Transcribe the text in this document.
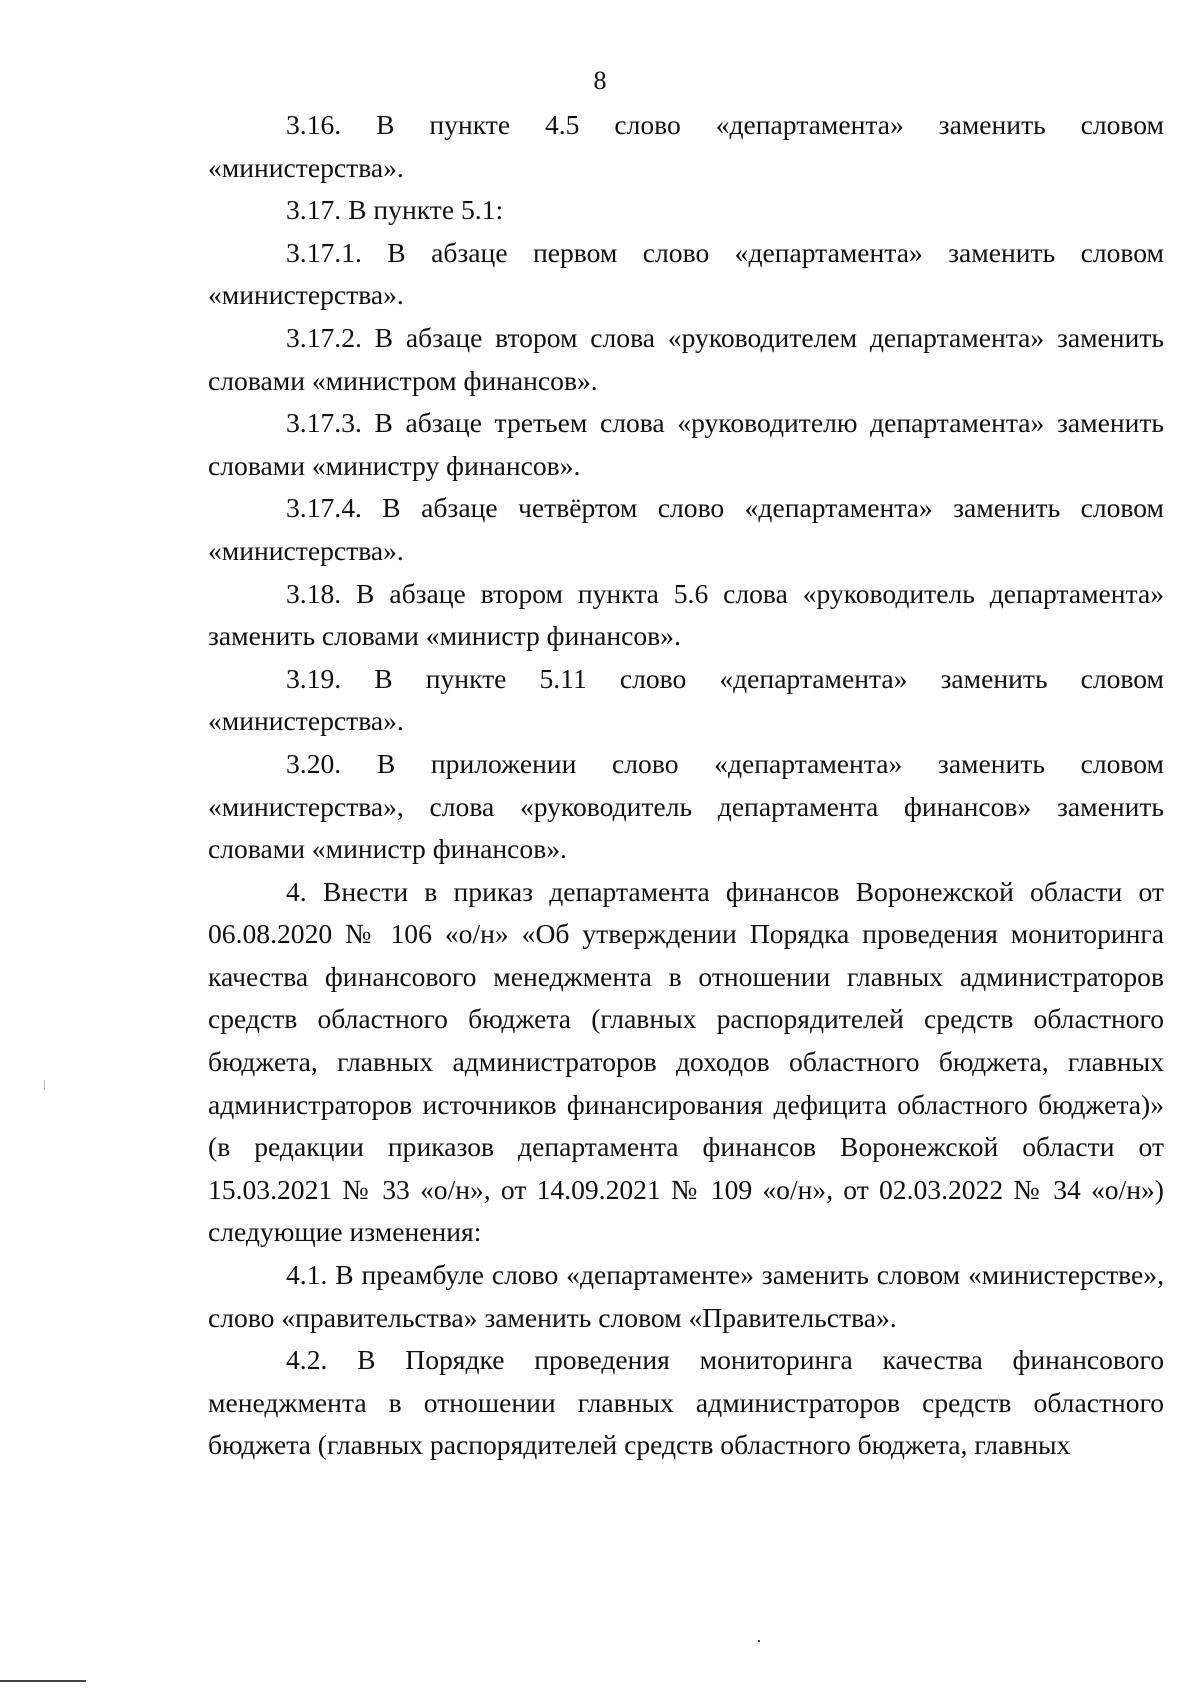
8

3.16. В пункте 4.5 слово «департамента» заменить словом «министерства».

3.17. В пункте 5.1:

3.17.1. В абзаце первом слово «департамента» заменить словом «министерства».

3.17.2. В абзаце втором слова «руководителем департамента» заменить словами «министром финансов».

3.17.3. В абзаце третьем слова «руководителю департамента» заменить словами «министру финансов».

3.17.4. В абзаце четвёртом слово «департамента» заменить словом «министерства».

3.18. В абзаце втором пункта 5.6 слова «руководитель департамента» заменить словами «министр финансов».

3.19. В пункте 5.11 слово «департамента» заменить словом «министерства».

3.20. В приложении слово «департамента» заменить словом «министерства», слова «руководитель департамента финансов» заменить словами «министр финансов».

4. Внести в приказ департамента финансов Воронежской области от 06.08.2020 № 106 «о/н» «Об утверждении Порядка проведения мониторинга качества финансового менеджмента в отношении главных администраторов средств областного бюджета (главных распорядителей средств областного бюджета, главных администраторов доходов областного бюджета, главных администраторов источников финансирования дефицита областного бюджета)» (в редакции приказов департамента финансов Воронежской области от 15.03.2021 № 33 «о/н», от 14.09.2021 № 109 «о/н», от 02.03.2022 № 34 «о/н») следующие изменения:

4.1. В преамбуле слово «департаменте» заменить словом «министерстве», слово «правительства» заменить словом «Правительства».

4.2. В Порядке проведения мониторинга качества финансового менеджмента в отношении главных администраторов средств областного бюджета (главных распорядителей средств областного бюджета, главных
